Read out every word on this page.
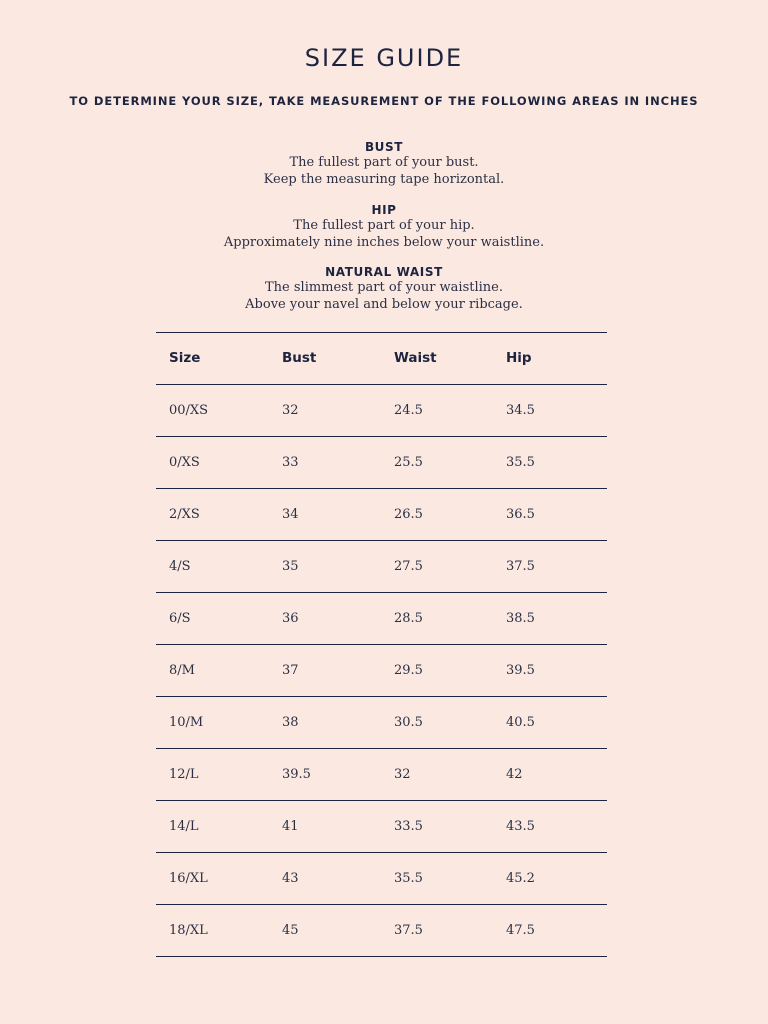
SIZE GUIDE
TO DETERMINE YOUR SIZE, TAKE MEASUREMENT OF THE FOLLOWING AREAS IN INCHES
BUST
The fullest part of your bust.
Keep the measuring tape horizontal.
HIP
The fullest part of your hip.
Approximately nine inches below your waistline.
NATURAL WAIST
The slimmest part of your waistline.
Above your navel and below your ribcage.
Size	Bust	Waist	Hip
00/XS	32	24.5	34.5
0/XS	33	25.5	35.5
2/XS	34	26.5	36.5
4/S	35	27.5	37.5
6/S	36	28.5	38.5
8/M	37	29.5	39.5
10/M	38	30.5	40.5
12/L	39.5	32	42
14/L	41	33.5	43.5
16/XL	43	35.5	45.2
18/XL	45	37.5	47.5
